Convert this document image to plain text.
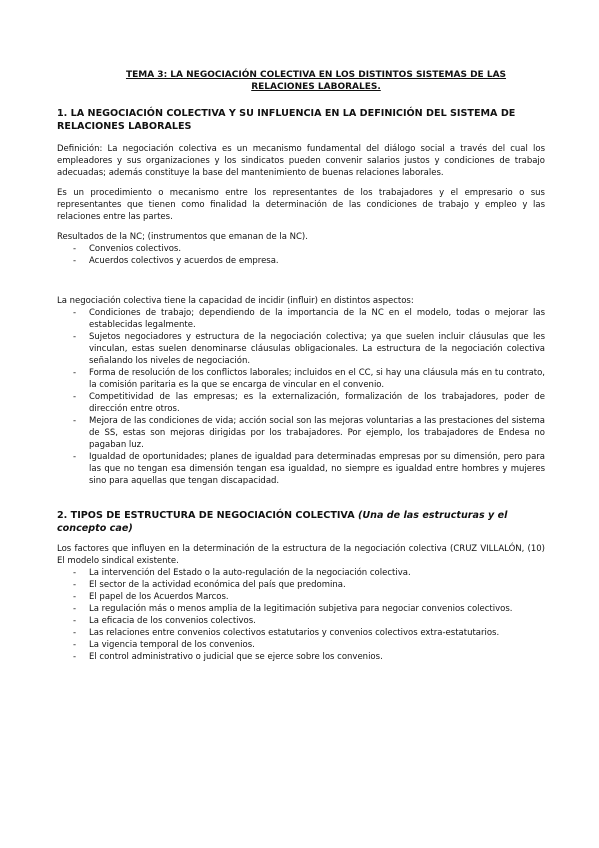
TEMA 3: LA NEGOCIACIÓN COLECTIVA EN LOS DISTINTOS SISTEMAS DE LAS
RELACIONES LABORALES.

1. LA NEGOCIACIÓN COLECTIVA Y SU INFLUENCIA EN LA DEFINICIÓN DEL SISTEMA DE RELACIONES LABORALES

Definición: La negociación colectiva es un mecanismo fundamental del diálogo social a través del cual los empleadores y sus organizaciones y los sindicatos pueden convenir salarios justos y condiciones de trabajo adecuadas; además constituye la base del mantenimiento de buenas relaciones laborales.

Es un procedimiento o mecanismo entre los representantes de los trabajadores y el empresario o sus representantes que tienen como finalidad la determinación de las condiciones de trabajo y empleo y las relaciones entre las partes.

Resultados de la NC; (instrumentos que emanan de la NC).

- Convenios colectivos.
- Acuerdos colectivos y acuerdos de empresa.

La negociación colectiva tiene la capacidad de incidir (influir) en distintos aspectos:

- Condiciones de trabajo; dependiendo de la importancia de la NC en el modelo, todas o mejorar las establecidas legalmente.
- Sujetos negociadores y estructura de la negociación colectiva; ya que suelen incluir cláusulas que les vinculan, estas suelen denominarse cláusulas obligacionales. La estructura de la negociación colectiva señalando los niveles de negociación.
- Forma de resolución de los conflictos laborales; incluidos en el CC, si hay una cláusula más en tu contrato, la comisión paritaria es la que se encarga de vincular en el convenio.
- Competitividad de las empresas; es la externalización, formalización de los trabajadores, poder de dirección entre otros.
- Mejora de las condiciones de vida; acción social son las mejoras voluntarias a las prestaciones del sistema de SS, estas son mejoras dirigidas por los trabajadores. Por ejemplo, los trabajadores de Endesa no pagaban luz.
- Igualdad de oportunidades; planes de igualdad para determinadas empresas por su dimensión, pero para las que no tengan esa dimensión tengan esa igualdad, no siempre es igualdad entre hombres y mujeres sino para aquellas que tengan discapacidad.
2. TIPOS DE ESTRUCTURA DE NEGOCIACIÓN COLECTIVA (Una de las estructuras y el concepto cae)

Los factores que influyen en la determinación de la estructura de la negociación colectiva (CRUZ VILLALÓN, (10) El modelo sindical existente.

- La intervención del Estado o la auto-regulación de la negociación colectiva.
- El sector de la actividad económica del país que predomina.
- El papel de los Acuerdos Marcos.
- La regulación más o menos amplia de la legitimación subjetiva para negociar convenios colectivos.
- La eficacia de los convenios colectivos.
- Las relaciones entre convenios colectivos estatutarios y convenios colectivos extra-estatutarios.
- La vigencia temporal de los convenios.
- El control administrativo o judicial que se ejerce sobre los convenios.
